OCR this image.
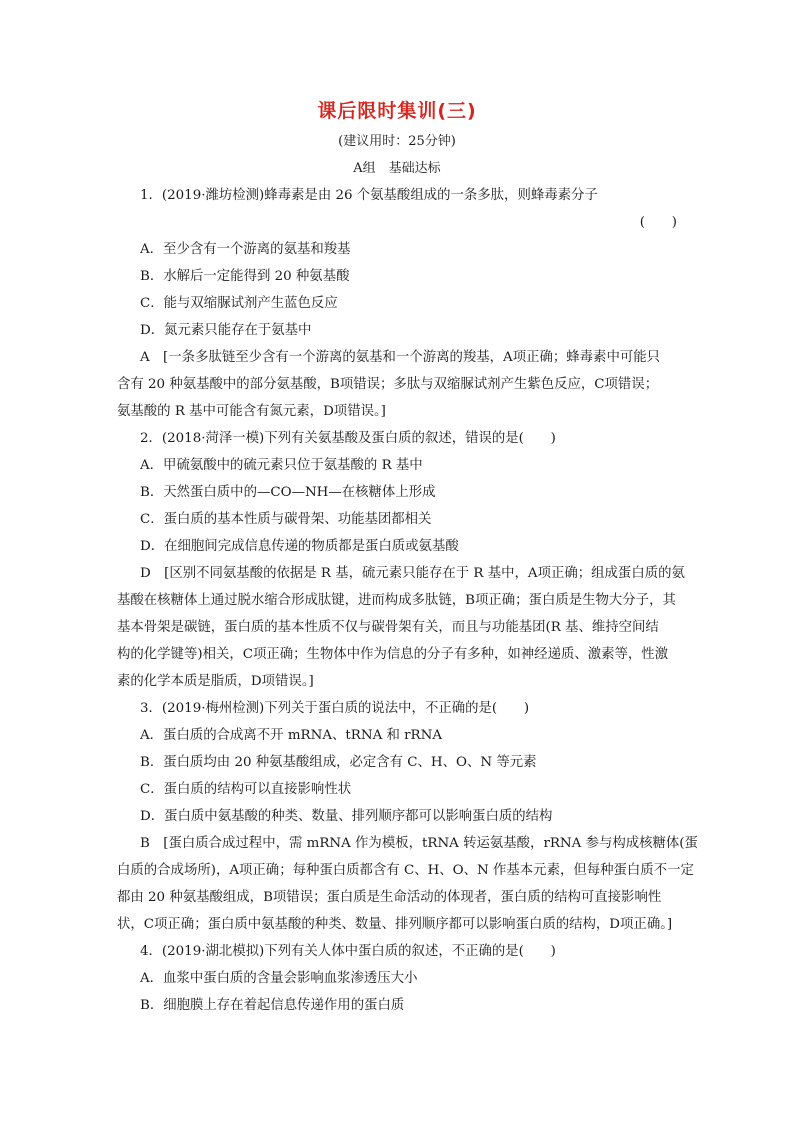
课后限时集训(三)
(建议用时：25分钟)
A组　基础达标
1．(2019·潍坊检测)蜂毒素是由 26 个氨基酸组成的一条多肽，则蜂毒素分子
(　　)
A．至少含有一个游离的氨基和羧基
B．水解后一定能得到 20 种氨基酸
C．能与双缩脲试剂产生蓝色反应
D．氮元素只能存在于氨基中
A　[一条多肽链至少含有一个游离的氨基和一个游离的羧基，A项正确；蜂毒素中可能只
含有 20 种氨基酸中的部分氨基酸，B项错误；多肽与双缩脲试剂产生紫色反应，C项错误；
氨基酸的 R 基中可能含有氮元素，D项错误。]
2．(2018·菏泽一模)下列有关氨基酸及蛋白质的叙述，错误的是(　　)
A．甲硫氨酸中的硫元素只位于氨基酸的 R 基中
B．天然蛋白质中的—CO—NH—在核糖体上形成
C．蛋白质的基本性质与碳骨架、功能基团都相关
D．在细胞间完成信息传递的物质都是蛋白质或氨基酸
D　[区别不同氨基酸的依据是 R 基，硫元素只能存在于 R 基中，A项正确；组成蛋白质的氨
基酸在核糖体上通过脱水缩合形成肽键，进而构成多肽链，B项正确；蛋白质是生物大分子，其
基本骨架是碳链，蛋白质的基本性质不仅与碳骨架有关，而且与功能基团(R 基、维持空间结
构的化学键等)相关，C项正确；生物体中作为信息的分子有多种，如神经递质、激素等，性激
素的化学本质是脂质，D项错误。]
3．(2019·梅州检测)下列关于蛋白质的说法中，不正确的是(　　)
A．蛋白质的合成离不开 mRNA、tRNA 和 rRNA
B．蛋白质均由 20 种氨基酸组成，必定含有 C、H、O、N 等元素
C．蛋白质的结构可以直接影响性状
D．蛋白质中氨基酸的种类、数量、排列顺序都可以影响蛋白质的结构
B　[蛋白质合成过程中，需 mRNA 作为模板，tRNA 转运氨基酸，rRNA 参与构成核糖体(蛋
白质的合成场所)，A项正确；每种蛋白质都含有 C、H、O、N 作基本元素，但每种蛋白质不一定
都由 20 种氨基酸组成，B项错误；蛋白质是生命活动的体现者，蛋白质的结构可直接影响性
状，C项正确；蛋白质中氨基酸的种类、数量、排列顺序都可以影响蛋白质的结构，D项正确。]
4．(2019·湖北模拟)下列有关人体中蛋白质的叙述，不正确的是(　　)
A．血浆中蛋白质的含量会影响血浆渗透压大小
B．细胞膜上存在着起信息传递作用的蛋白质
